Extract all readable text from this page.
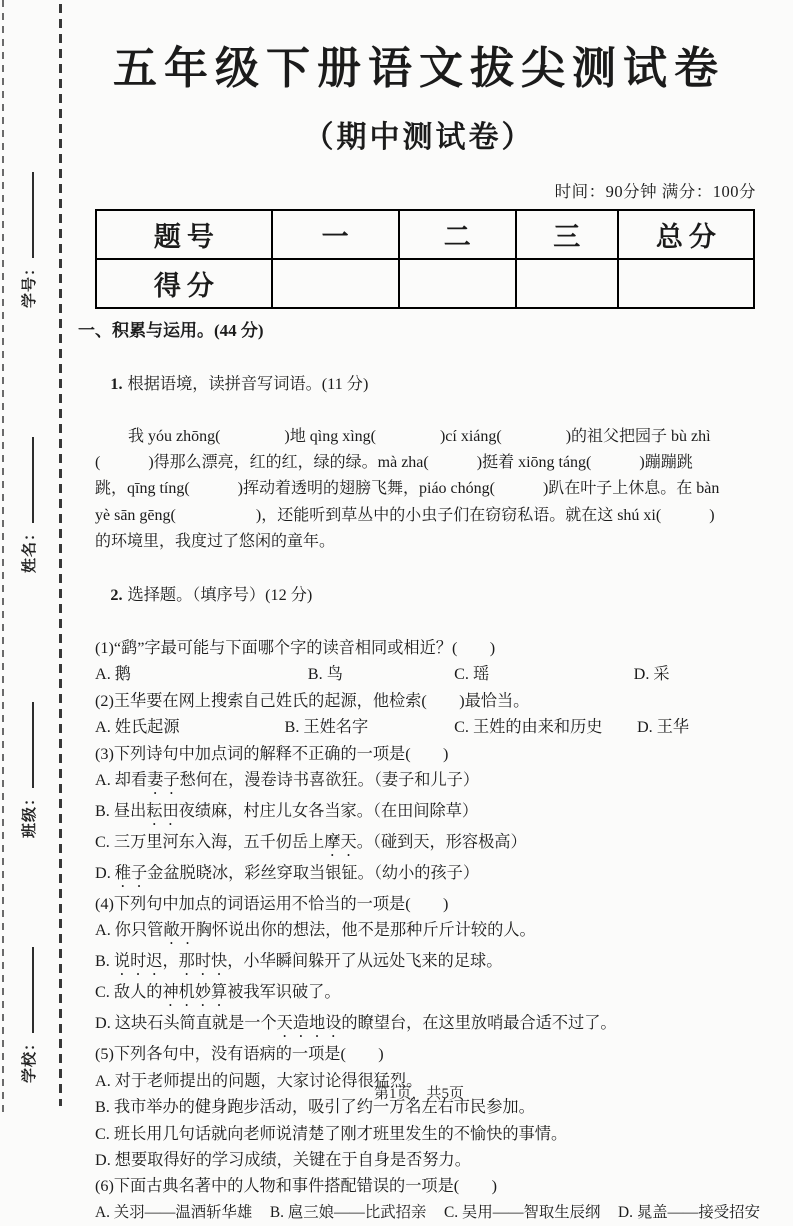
学号：
姓名：
班级：
学校：
五年级下册语文拔尖测试卷
（期中测试卷）
时间：90分钟 满分：100分
题号	一	二	三	总分
得分				
一、积累与运用。(44 分)

1. 根据语境，读拼音写词语。(11 分)

我 yóu zhōng(　　　　)地 qìng xìng(　　　　)cí xiáng(　　　　)的祖父把园子 bù zhì
(　　　)得那么漂亮，红的红，绿的绿。mà zha(　　　)挺着 xiōng táng(　　　)蹦蹦跳
跳，qīng tíng(　　　)挥动着透明的翅膀飞舞，piáo chóng(　　　)趴在叶子上休息。在 bàn
yè sān gēng(　　　　　)，还能听到草丛中的小虫子们在窃窃私语。就在这 shú xi(　　　)
的环境里，我度过了悠闲的童年。

2. 选择题。（填序号）(12 分)

(1)“鹞”字最可能与下面哪个字的读音相同或相近？(　　)
A. 鹅	B. 鸟	C. 瑶	D. 采
(2)王华要在网上搜索自己姓氏的起源，他检索(　　)最恰当。
A. 姓氏起源	B. 王姓名字	C. 王姓的由来和历史	D. 王华
(3)下列诗句中加点词的解释不正确的一项是(　　)
A. 却看妻子愁何在，漫卷诗书喜欲狂。（妻子和儿子）
B. 昼出耘田夜绩麻，村庄儿女各当家。（在田间除草）
C. 三万里河东入海，五千仞岳上摩天。（碰到天，形容极高）
D. 稚子金盆脱晓冰，彩丝穿取当银钲。（幼小的孩子）
(4)下列句中加点的词语运用不恰当的一项是(　　)
A. 你只管敞开胸怀说出你的想法，他不是那种斤斤计较的人。
B. 说时迟，那时快，小华瞬间躲开了从远处飞来的足球。
C. 敌人的神机妙算被我军识破了。
D. 这块石头简直就是一个天造地设的瞭望台，在这里放哨最合适不过了。
(5)下列各句中，没有语病的一项是(　　)
A. 对于老师提出的问题，大家讨论得很猛烈。
B. 我市举办的健身跑步活动，吸引了约一万名左右市民参加。
C. 班长用几句话就向老师说清楚了刚才班里发生的不愉快的事情。
D. 想要取得好的学习成绩，关键在于自身是否努力。
(6)下面古典名著中的人物和事件搭配错误的一项是(　　)
A. 关羽——温酒斩华雄 B. 扈三娘——比武招亲 C. 吴用——智取生辰纲 D. 晁盖——接受招安
第1页，共5页
